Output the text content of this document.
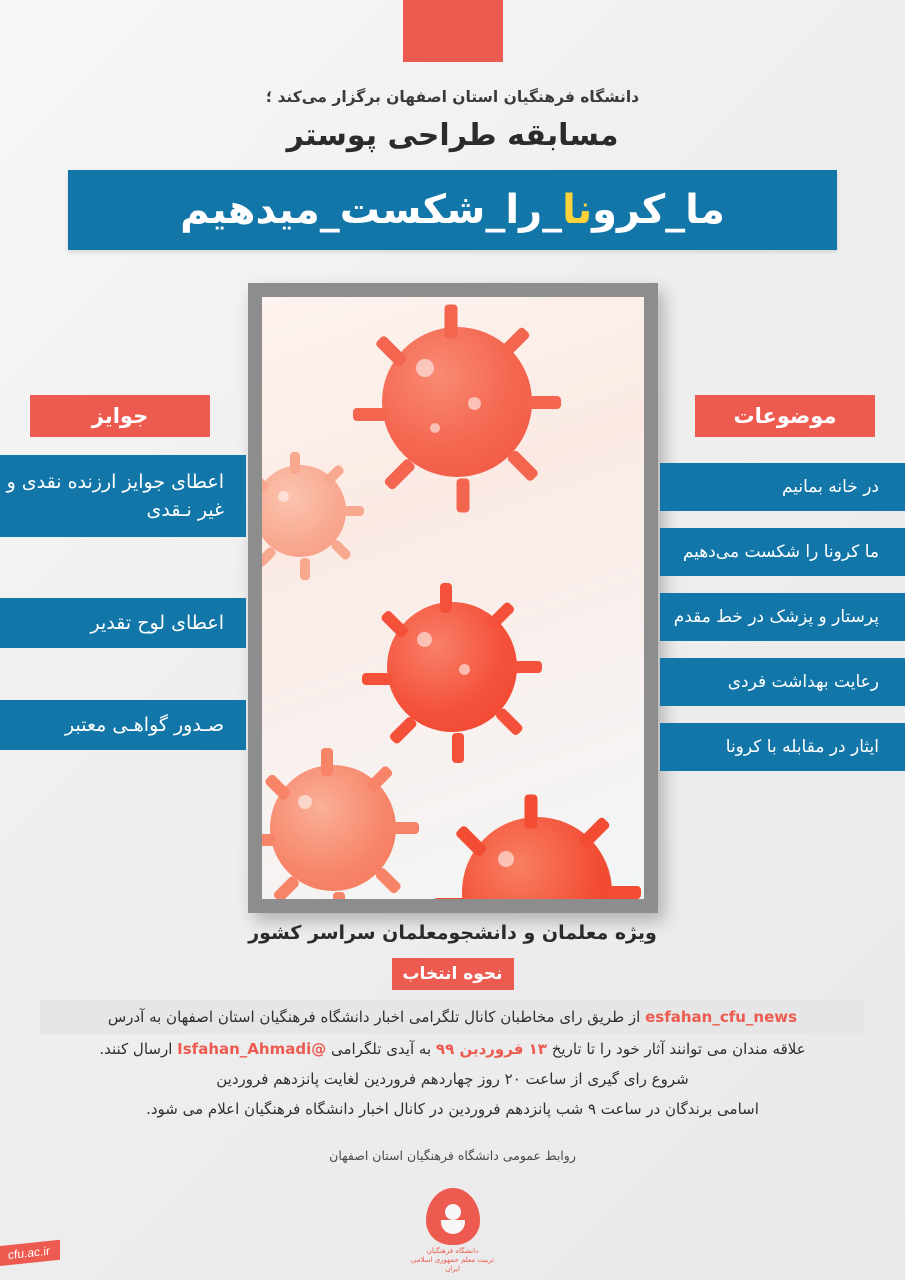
دانشگاه فرهنگیان استان اصفهان برگزار می‌کند ؛
مسابقه طراحی پوستر
ما_کرونا_را_شکست_میدهیم
جوایز
اعطای جوایز ارزنده نقدی و غیر نـقدی
اعطای لوح تقدیر
صـدور گواهـی معتبر
موضوعات
در خانه بمانیم
ما کرونا را شکست می‌دهیم
پرستار و پزشک در خط مقدم
رعایت بهداشت فردی
ایثار در مقابله با کرونا
ویژه معلمان و دانشجومعلمان سراسر کشور
نحوه انتخاب
esfahan_cfu_news از طریق رای مخاطبان کانال تلگرامی اخبار دانشگاه فرهنگیان استان اصفهان به آدرس
علاقه مندان می توانند آثار خود را تا تاریخ ۱۳ فروردین ۹۹ به آیدی تلگرامی @Isfahan_Ahmadi ارسال کنند.
شروع رای گیری از ساعت ۲۰ روز چهاردهم فروردین لغایت پانزدهم فروردین
اسامی برندگان در ساعت ۹ شب پانزدهم فروردین در کانال اخبار دانشگاه فرهنگیان اعلام می شود.
روابط عمومی دانشگاه فرهنگیان استان اصفهان
دانشگاه فرهنگیان
تربیت معلم جمهوری اسلامی ایران
cfu.ac.ir
